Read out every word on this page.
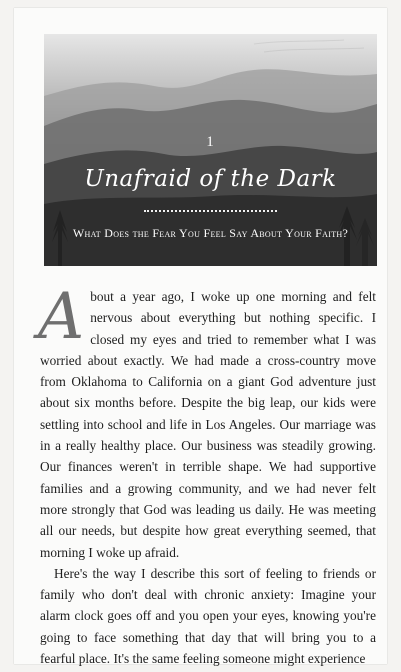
1
Unafraid of the Dark
What Does the Fear You Feel Say About Your Faith?

About a year ago, I woke up one morning and felt nervous about everything but nothing specific. I closed my eyes and tried to remember what I was worried about exactly. We had made a cross-country move from Oklahoma to California on a giant God adventure just about six months before. Despite the big leap, our kids were settling into school and life in Los Angeles. Our marriage was in a really healthy place. Our business was steadily growing. Our finances weren't in terrible shape. We had supportive families and a growing community, and we had never felt more strongly that God was leading us daily. He was meeting all our needs, but despite how great everything seemed, that morning I woke up afraid.

Here's the way I describe this sort of feeling to friends or family who don't deal with chronic anxiety: Imagine your alarm clock goes off and you open your eyes, knowing you're going to face something that day that will bring you to a fearful place. It's the same feeling someone might experience
